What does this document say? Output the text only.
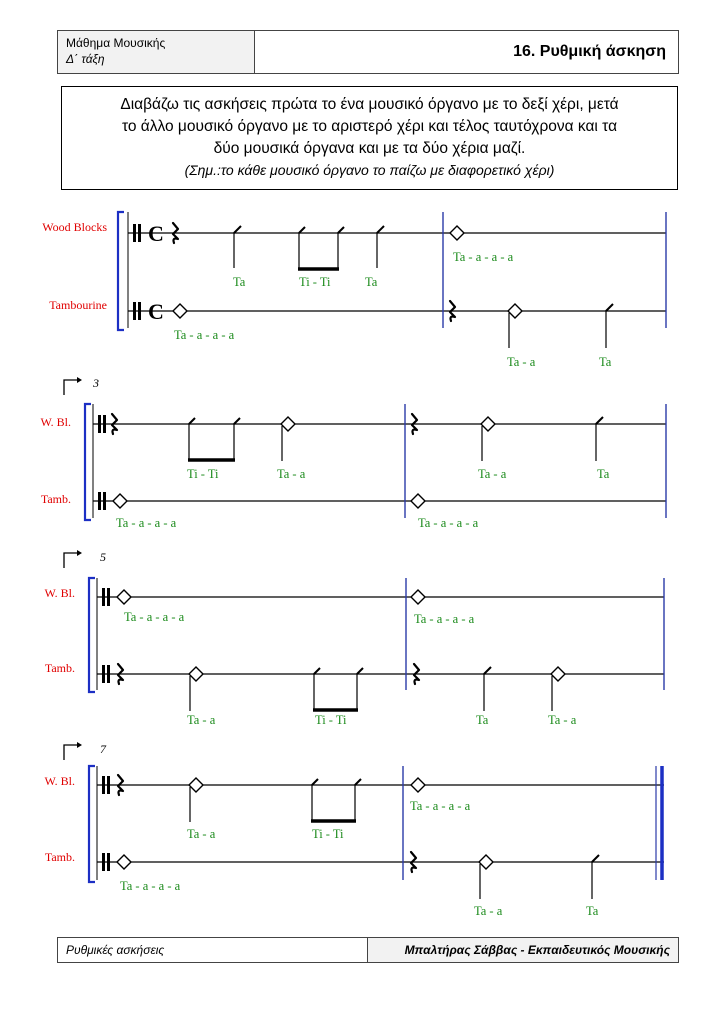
Μάθημα Μουσικής
Δ΄ τάξη	16. Ρυθμική άσκηση
Διαβάζω τις ασκήσεις πρώτα το ένα μουσικό όργανο με το δεξί χέρι, μετά
το άλλο μουσικό όργανο με το αριστερό χέρι και τέλος ταυτόχρονα και τα
δύο μουσικά όργανα και με τα δύο χέρια μαζί.
(Σημ.:το κάθε μουσικό όργανο το παίζω με διαφορετικό χέρι)
Wood Blocks
Tambourine
C
C
Ta	Ti - Ti	Ta
Ta - a - a - a
Ta - a - a - a
Ta - a	Ta
3
W. Bl.
Tamb.
Ti - Ti	Ta - a	Ta - a	Ta
Ta - a - a - a	Ta - a - a - a
5
W. Bl.
Tamb.
Ta - a - a - a	Ta - a - a - a
Ta - a	Ti - Ti	Ta	Ta - a
7
W. Bl.
Tamb.
Ta - a	Ti - Ti
Ta - a - a - a
Ta - a - a - a
Ta - a	Ta
Ρυθμικές ασκήσεις	Μπαλτήρας Σάββας - Εκπαιδευτικός Μουσικής
